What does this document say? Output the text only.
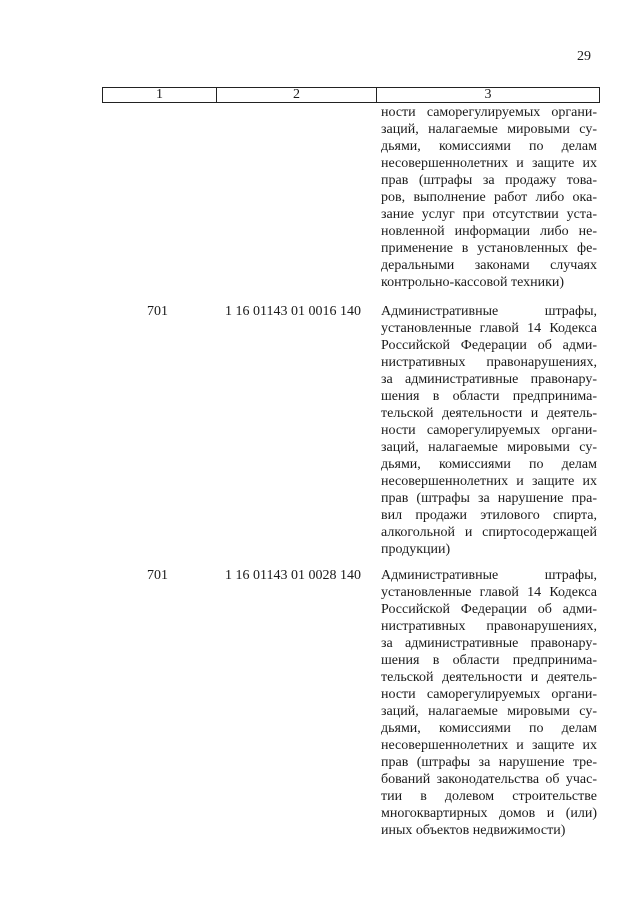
29
1	2	3
ности саморегулируемых органи-
заций, налагаемые мировыми су-
дьями, комиссиями по делам
несовершеннолетних и защите их
прав (штрафы за продажу това-
ров, выполнение работ либо ока-
зание услуг при отсутствии уста-
новленной информации либо не-
применение в установленных фе-
деральными законами случаях
контрольно-кассовой техники)
701	1 16 01143 01 0016 140 Административные штрафы,
установленные главой 14 Кодекса
Российской Федерации об адми-
нистративных правонарушениях,
за административные правонару-
шения в области предпринима-
тельской деятельности и деятель-
ности саморегулируемых органи-
заций, налагаемые мировыми су-
дьями, комиссиями по делам
несовершеннолетних и защите их
прав (штрафы за нарушение пра-
вил продажи этилового спирта,
алкогольной и спиртосодержащей
продукции)
701	1 16 01143 01 0028 140 Административные штрафы,
установленные главой 14 Кодекса
Российской Федерации об адми-
нистративных правонарушениях,
за административные правонару-
шения в области предпринима-
тельской деятельности и деятель-
ности саморегулируемых органи-
заций, налагаемые мировыми су-
дьями, комиссиями по делам
несовершеннолетних и защите их
прав (штрафы за нарушение тре-
бований законодательства об учас-
тии в долевом строительстве
многоквартирных домов и (или)
иных объектов недвижимости)
